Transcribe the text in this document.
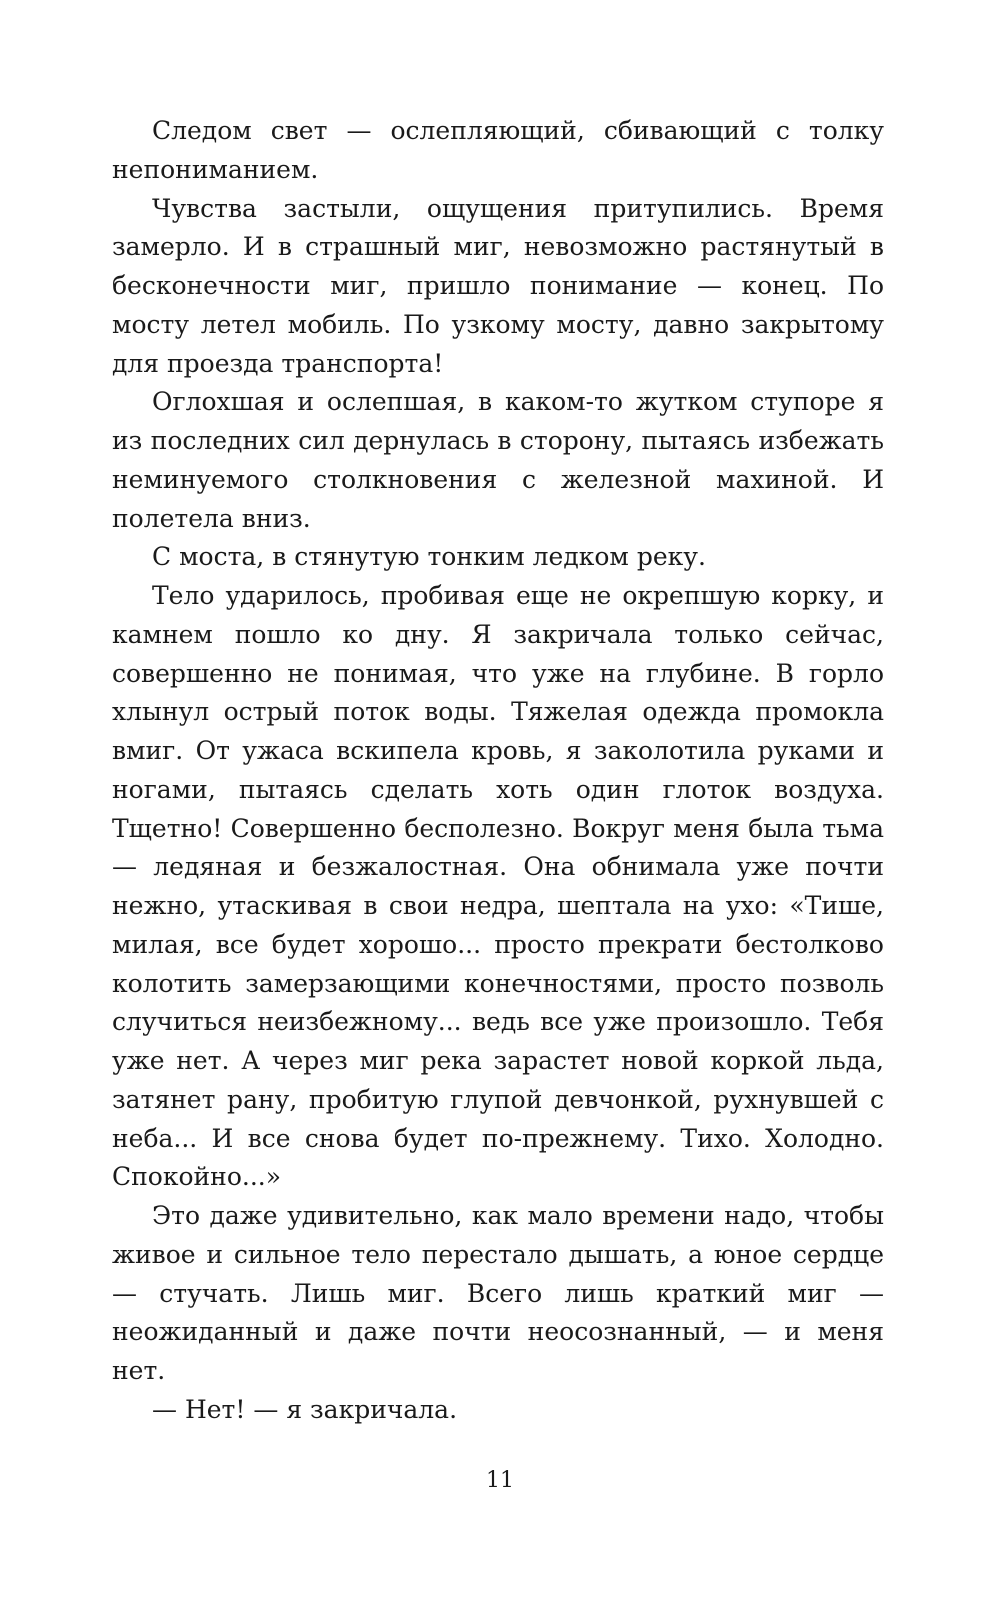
Следом свет — ослепляющий, сбивающий с толку непониманием.

Чувства застыли, ощущения притупились. Время замерло. И в страшный миг, невозможно растянутый в бесконечности миг, пришло понимание — конец. По мосту летел мобиль. По узкому мосту, давно закрытому для проезда транспорта!

Оглохшая и ослепшая, в каком-то жутком ступоре я из последних сил дернулась в сторону, пытаясь избежать неминуемого столкновения с железной махиной. И полетела вниз.

С моста, в стянутую тонким ледком реку.

Тело ударилось, пробивая еще не окрепшую корку, и камнем пошло ко дну. Я закричала только сейчас, совершенно не понимая, что уже на глубине. В горло хлынул острый поток воды. Тяжелая одежда промокла вмиг. От ужаса вскипела кровь, я заколотила руками и ногами, пытаясь сделать хоть один глоток воздуха. Тщетно! Совершенно бесполезно. Вокруг меня была тьма — ледяная и безжалостная. Она обнимала уже почти нежно, утаскивая в свои недра, шептала на ухо: «Тише, милая, все будет хорошо... просто прекрати бестолково колотить замерзающими конечностями, просто позволь случиться неизбежному... ведь все уже произошло. Тебя уже нет. А через миг река зарастет новой коркой льда, затянет рану, пробитую глупой девчонкой, рухнувшей с неба... И все снова будет по-прежнему. Тихо. Холодно. Спокойно...»

Это даже удивительно, как мало времени надо, чтобы живое и сильное тело перестало дышать, а юное сердце — стучать. Лишь миг. Всего лишь краткий миг — неожиданный и даже почти неосознанный, — и меня нет.

— Нет! — я закричала.

11
